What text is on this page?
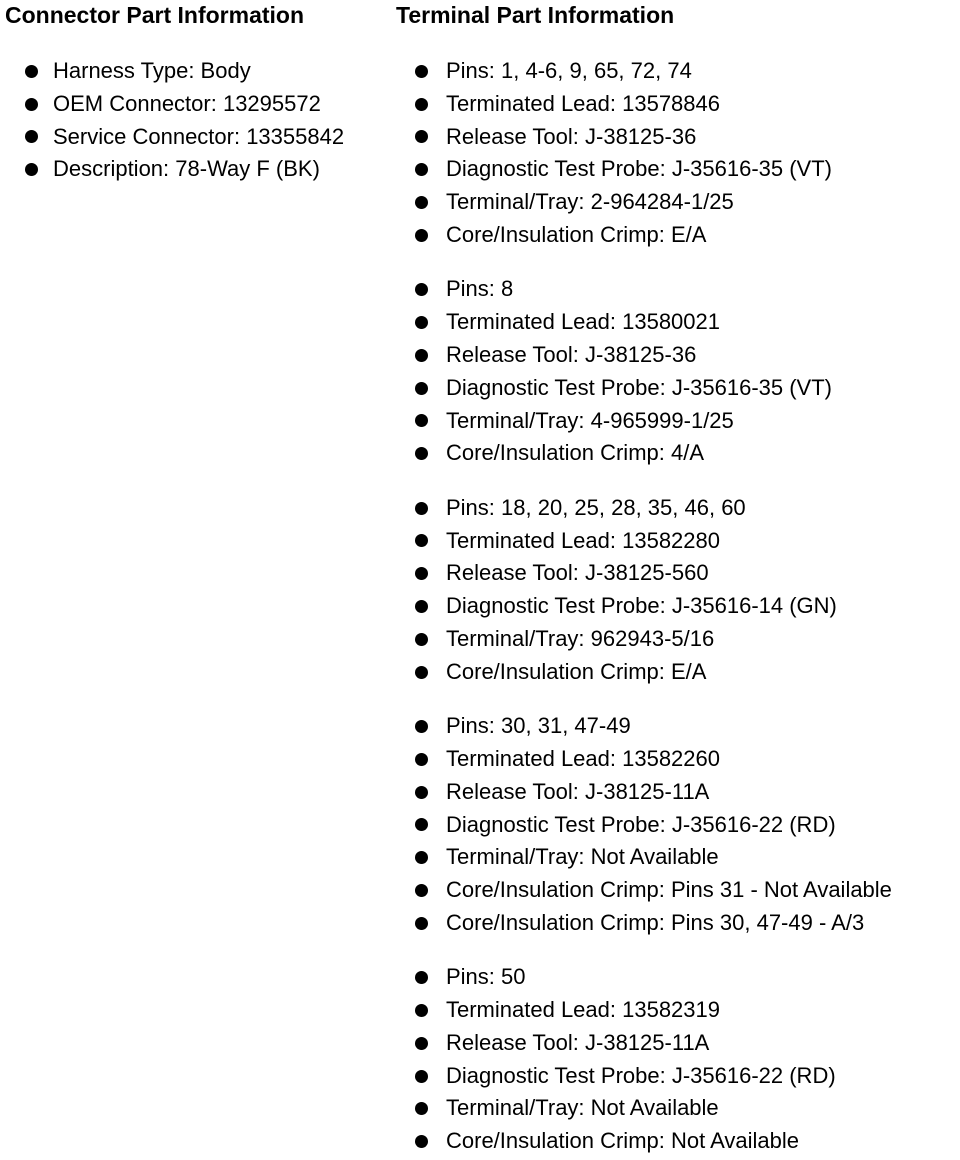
Connector Part Information
Harness Type: Body
OEM Connector: 13295572
Service Connector: 13355842
Description: 78-Way F (BK)
Terminal Part Information
Pins: 1, 4-6, 9, 65, 72, 74
Terminated Lead: 13578846
Release Tool: J-38125-36
Diagnostic Test Probe: J-35616-35 (VT)
Terminal/Tray: 2-964284-1/25
Core/Insulation Crimp: E/A
Pins: 8
Terminated Lead: 13580021
Release Tool: J-38125-36
Diagnostic Test Probe: J-35616-35 (VT)
Terminal/Tray: 4-965999-1/25
Core/Insulation Crimp: 4/A
Pins: 18, 20, 25, 28, 35, 46, 60
Terminated Lead: 13582280
Release Tool: J-38125-560
Diagnostic Test Probe: J-35616-14 (GN)
Terminal/Tray: 962943-5/16
Core/Insulation Crimp: E/A
Pins: 30, 31, 47-49
Terminated Lead: 13582260
Release Tool: J-38125-11A
Diagnostic Test Probe: J-35616-22 (RD)
Terminal/Tray: Not Available
Core/Insulation Crimp: Pins 31 - Not Available
Core/Insulation Crimp: Pins 30, 47-49 - A/3
Pins: 50
Terminated Lead: 13582319
Release Tool: J-38125-11A
Diagnostic Test Probe: J-35616-22 (RD)
Terminal/Tray: Not Available
Core/Insulation Crimp: Not Available
